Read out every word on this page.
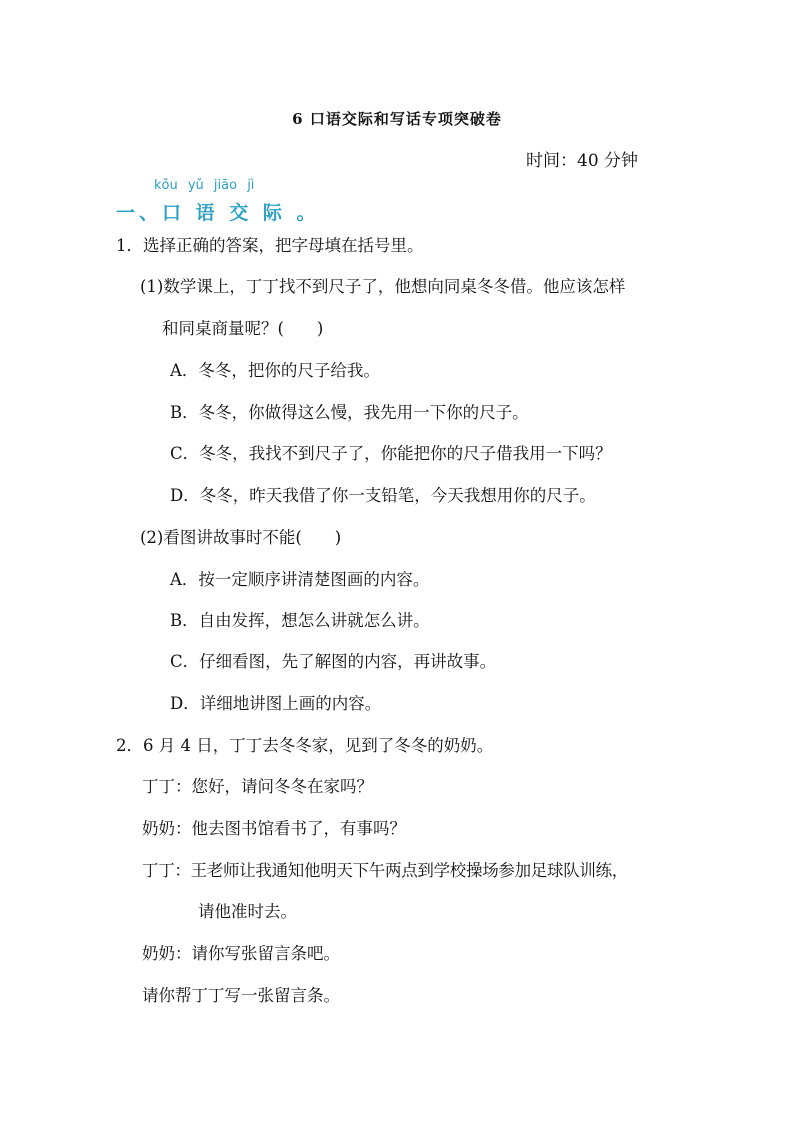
6 口语交际和写话专项突破卷
时间：40 分钟
kǒu yǔ jiāo jì
一、口 语 交 际 。
1．选择正确的答案，把字母填在括号里。
(1)数学课上，丁丁找不到尺子了，他想向同桌冬冬借。他应该怎样
和同桌商量呢？(　　)
A．冬冬，把你的尺子给我。
B．冬冬，你做得这么慢，我先用一下你的尺子。
C．冬冬，我找不到尺子了，你能把你的尺子借我用一下吗？
D．冬冬，昨天我借了你一支铅笔，今天我想用你的尺子。
(2)看图讲故事时不能(　　)
A．按一定顺序讲清楚图画的内容。
B．自由发挥，想怎么讲就怎么讲。
C．仔细看图，先了解图的内容，再讲故事。
D．详细地讲图上画的内容。
2．6 月 4 日，丁丁去冬冬家，见到了冬冬的奶奶。
丁丁：您好，请问冬冬在家吗？
奶奶：他去图书馆看书了，有事吗？
丁丁：王老师让我通知他明天下午两点到学校操场参加足球队训练，
请他准时去。
奶奶：请你写张留言条吧。
请你帮丁丁写一张留言条。
